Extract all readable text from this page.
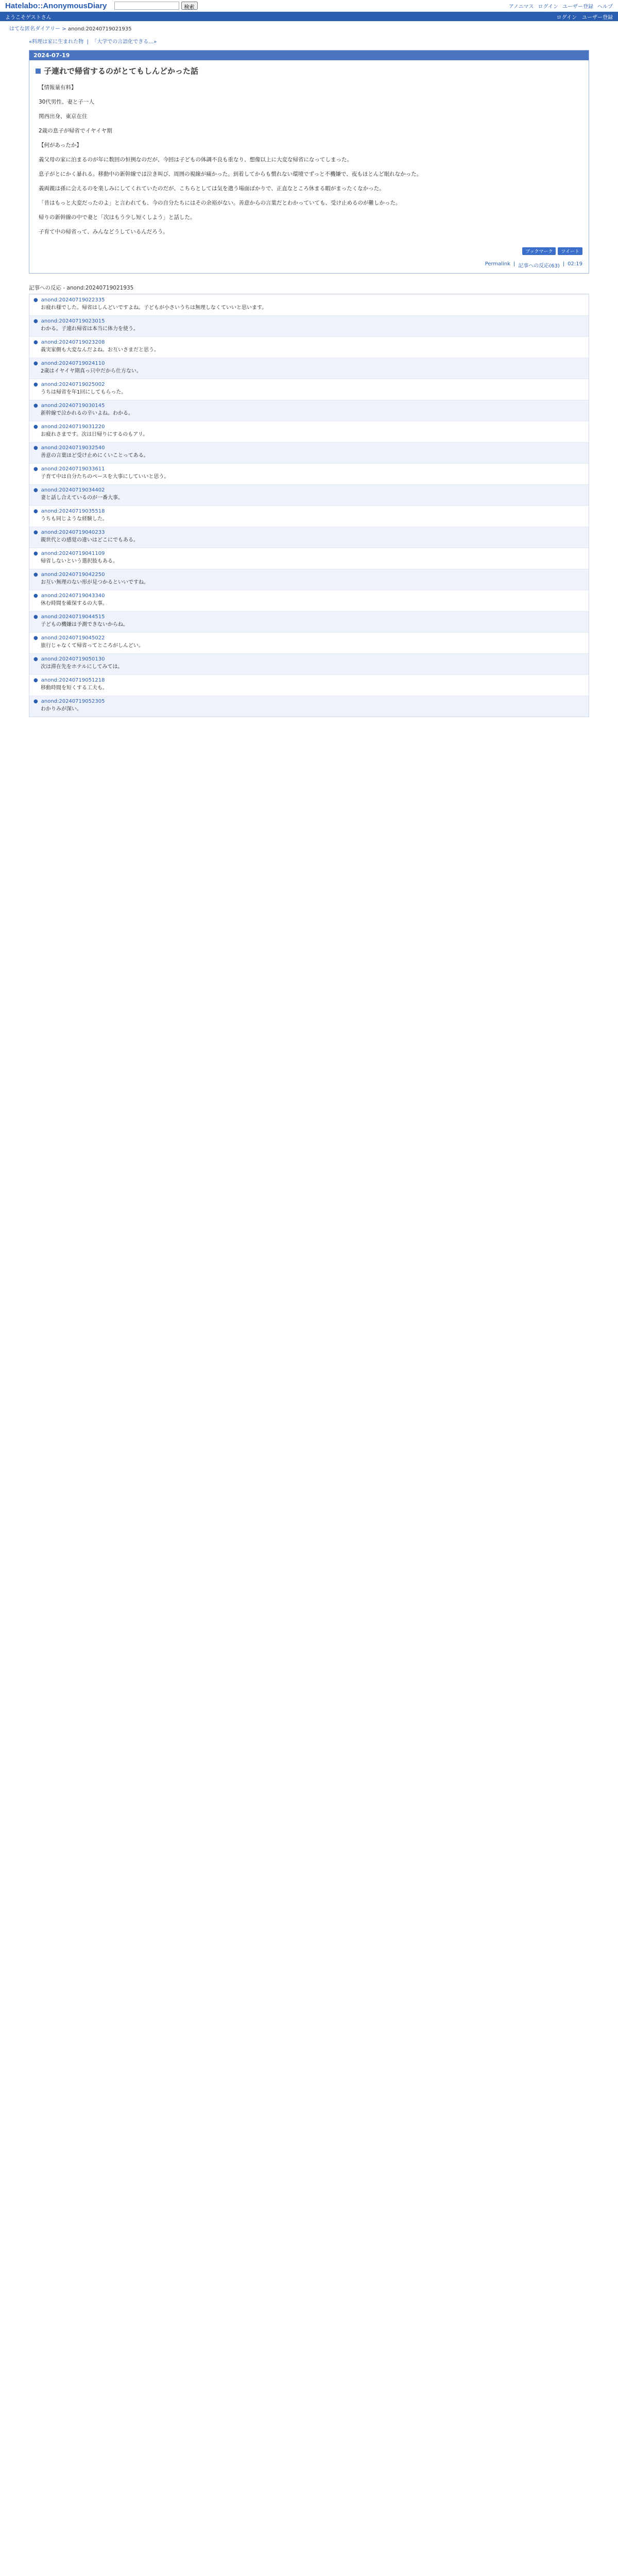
Hatelabo::AnonymousDiary	検索	アノニマス ログイン ユーザー登録 ヘルプ
ようこそゲストさん	ログイン ユーザー登録
はてな匿名ダイアリー > anond:20240719021935
«料理は家に生まれた物  |  「大学での言語化できる…»
2024-07-19
子連れで帰省するのがとてもしんどかった話

【情報量有料】

30代男性、妻と子一人

関西出身、東京在住

2歳の息子が帰省でイヤイヤ期

【何があったか】

義父母の家に泊まるのが年に数回の恒例なのだが、今回は子どもの体調不良も重なり、想像以上に大変な帰省になってしまった。

息子がとにかく暴れる。移動中の新幹線では泣き叫び、周囲の視線が痛かった。到着してからも慣れない環境でずっと不機嫌で、夜もほとんど眠れなかった。

義両親は孫に会えるのを楽しみにしてくれていたのだが、こちらとしては気を遣う場面ばかりで、正直なところ休まる暇がまったくなかった。

「昔はもっと大変だったのよ」と言われても、今の自分たちにはその余裕がない。善意からの言葉だとわかっていても、受け止めるのが難しかった。

帰りの新幹線の中で妻と「次はもう少し短くしよう」と話した。

子育て中の帰省って、みんなどうしているんだろう。

ブックマーク	ツイート
Permalink | 記事への反応(63) | 02:19
記事への反応 - anond:20240719021935
● anond:20240719022335
お疲れ様でした。帰省はしんどいですよね。子どもが小さいうちは無理しなくていいと思います。
● anond:20240719023015
わかる。子連れ帰省は本当に体力を使う。
● anond:20240719023208
義実家側も大変なんだよね。お互いさまだと思う。
● anond:20240719024110
2歳はイヤイヤ期真っ只中だから仕方ない。
● anond:20240719025002
うちは帰省を年1回にしてもらった。
● anond:20240719030145
新幹線で泣かれるの辛いよね。わかる。
● anond:20240719031220
お疲れさまです。次は日帰りにするのもアリ。
● anond:20240719032540
善意の言葉ほど受け止めにくいことってある。
● anond:20240719033611
子育て中は自分たちのペースを大事にしていいと思う。
● anond:20240719034402
妻と話し合えているのが一番大事。
● anond:20240719035518
うちも同じような経験した。
● anond:20240719040233
親世代との感覚の違いはどこにでもある。
● anond:20240719041109
帰省しないという選択肢もある。
● anond:20240719042250
お互い無理のない形が見つかるといいですね。
● anond:20240719043340
休む時間を確保するの大事。
● anond:20240719044515
子どもの機嫌は予測できないからね。
● anond:20240719045022
旅行じゃなくて帰省ってところがしんどい。
● anond:20240719050130
次は滞在先をホテルにしてみては。
● anond:20240719051218
移動時間を短くする工夫も。
● anond:20240719052305
わかりみが深い。
